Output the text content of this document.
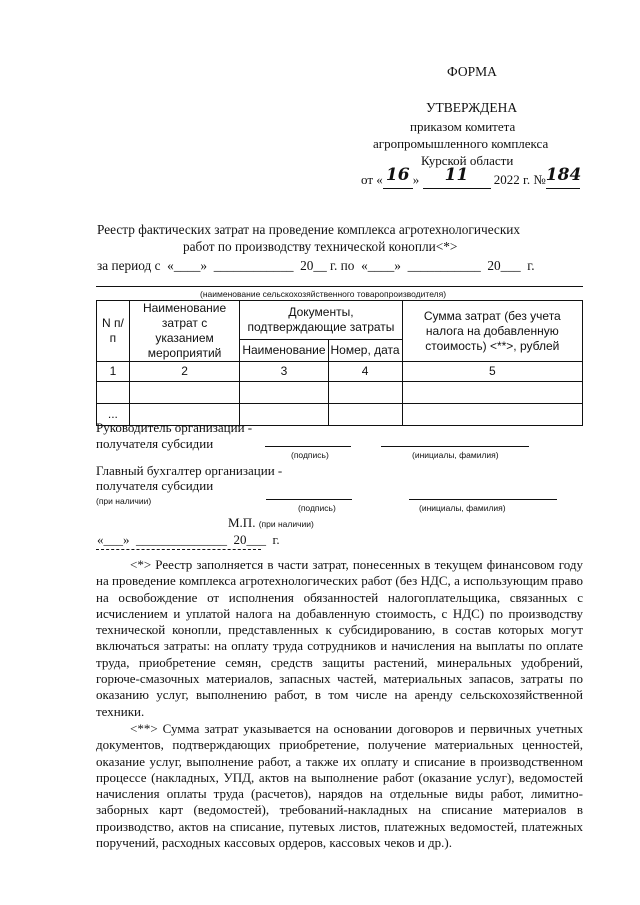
ФОРМА
УТВЕРЖДЕНА
приказом комитета
агропромышленного комплекса
Курской области
от « 16 » 11 2022 г. №184
Реестр фактических затрат на проведение комплекса агротехнологических
работ по производству технической конопли<*>
за период с  «____»  ____________  20__ г. по  «____»  ___________  20___  г.
(наименование сельскохозяйственного товаропроизводителя)
N п/п	Наименование затрат с указанием мероприятий	Документы, подтверждающие затраты		Сумма затрат (без учета налога на добавленную стоимость) <**>, рублей
		Наименование	Номер, дата	
1	2	3	4	5

...				
Руководитель организации -
получателя субсидии
(подпись)	(инициалы, фамилия)
Главный бухгалтер организации -
получателя субсидии
(при наличии)
(подпись)	(инициалы, фамилия)
М.П. (при наличии)
«___»  ______________  20___  г.

<*> Реестр заполняется в части затрат, понесенных в текущем финансовом году на проведение комплекса агротехнологических работ (без НДС, а использующим право на освобождение от исполнения обязанностей налогоплательщика, связанных с исчислением и уплатой налога на добавленную стоимость, с НДС) по производству технической конопли, представленных к субсидированию, в состав которых могут включаться затраты: на оплату труда сотрудников и начисления на выплаты по оплате труда, приобретение семян, средств защиты растений, минеральных удобрений, горюче-смазочных материалов, запасных частей, материальных запасов, затраты по оказанию услуг, выполнению работ, в том числе на аренду сельскохозяйственной техники.

<**> Сумма затрат указывается на основании договоров и первичных учетных документов, подтверждающих приобретение, получение материальных ценностей, оказание услуг, выполнение работ, а также их оплату и списание в производственном процессе (накладных, УПД, актов на выполнение работ (оказание услуг), ведомостей начисления оплаты труда (расчетов), нарядов на отдельные виды работ, лимитно-заборных карт (ведомостей), требований-накладных на списание материалов в производство, актов на списание, путевых листов, платежных ведомостей, платежных поручений, расходных кассовых ордеров, кассовых чеков и др.).
